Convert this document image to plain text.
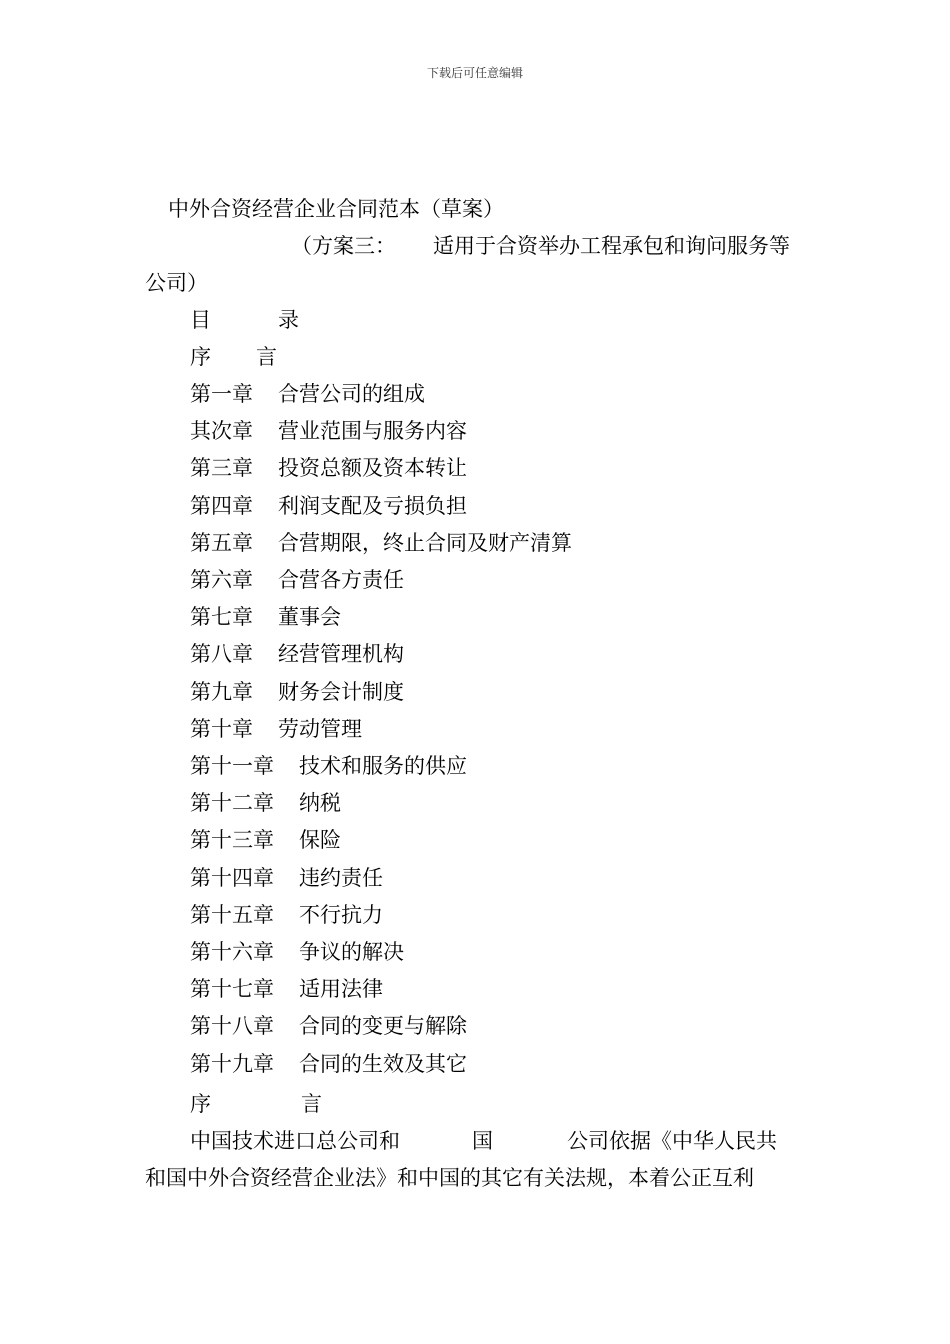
下载后可任意编辑
中外合资经营企业合同范本（草案）
（方案三： 适用于合资举办工程承包和询问服务等
公司）
目	录
序 言
第一章 合营公司的组成
其次章 营业范围与服务内容
第三章 投资总额及资本转让
第四章 利润支配及亏损负担
第五章 合营期限，终止合同及财产清算
第六章 合营各方责任
第七章 董事会
第八章 经营管理机构
第九章 财务会计制度
第十章 劳动管理
第十一章 技术和服务的供应
第十二章 纳税
第十三章 保险
第十四章 违约责任
第十五章 不行抗力
第十六章 争议的解决
第十七章 适用法律
第十八章 合同的变更与解除
第十九章 合同的生效及其它
序	言
中国技术进口总公司和	国	公司依据《中华人民共
和国中外合资经营企业法》和中国的其它有关法规，本着公正互利
